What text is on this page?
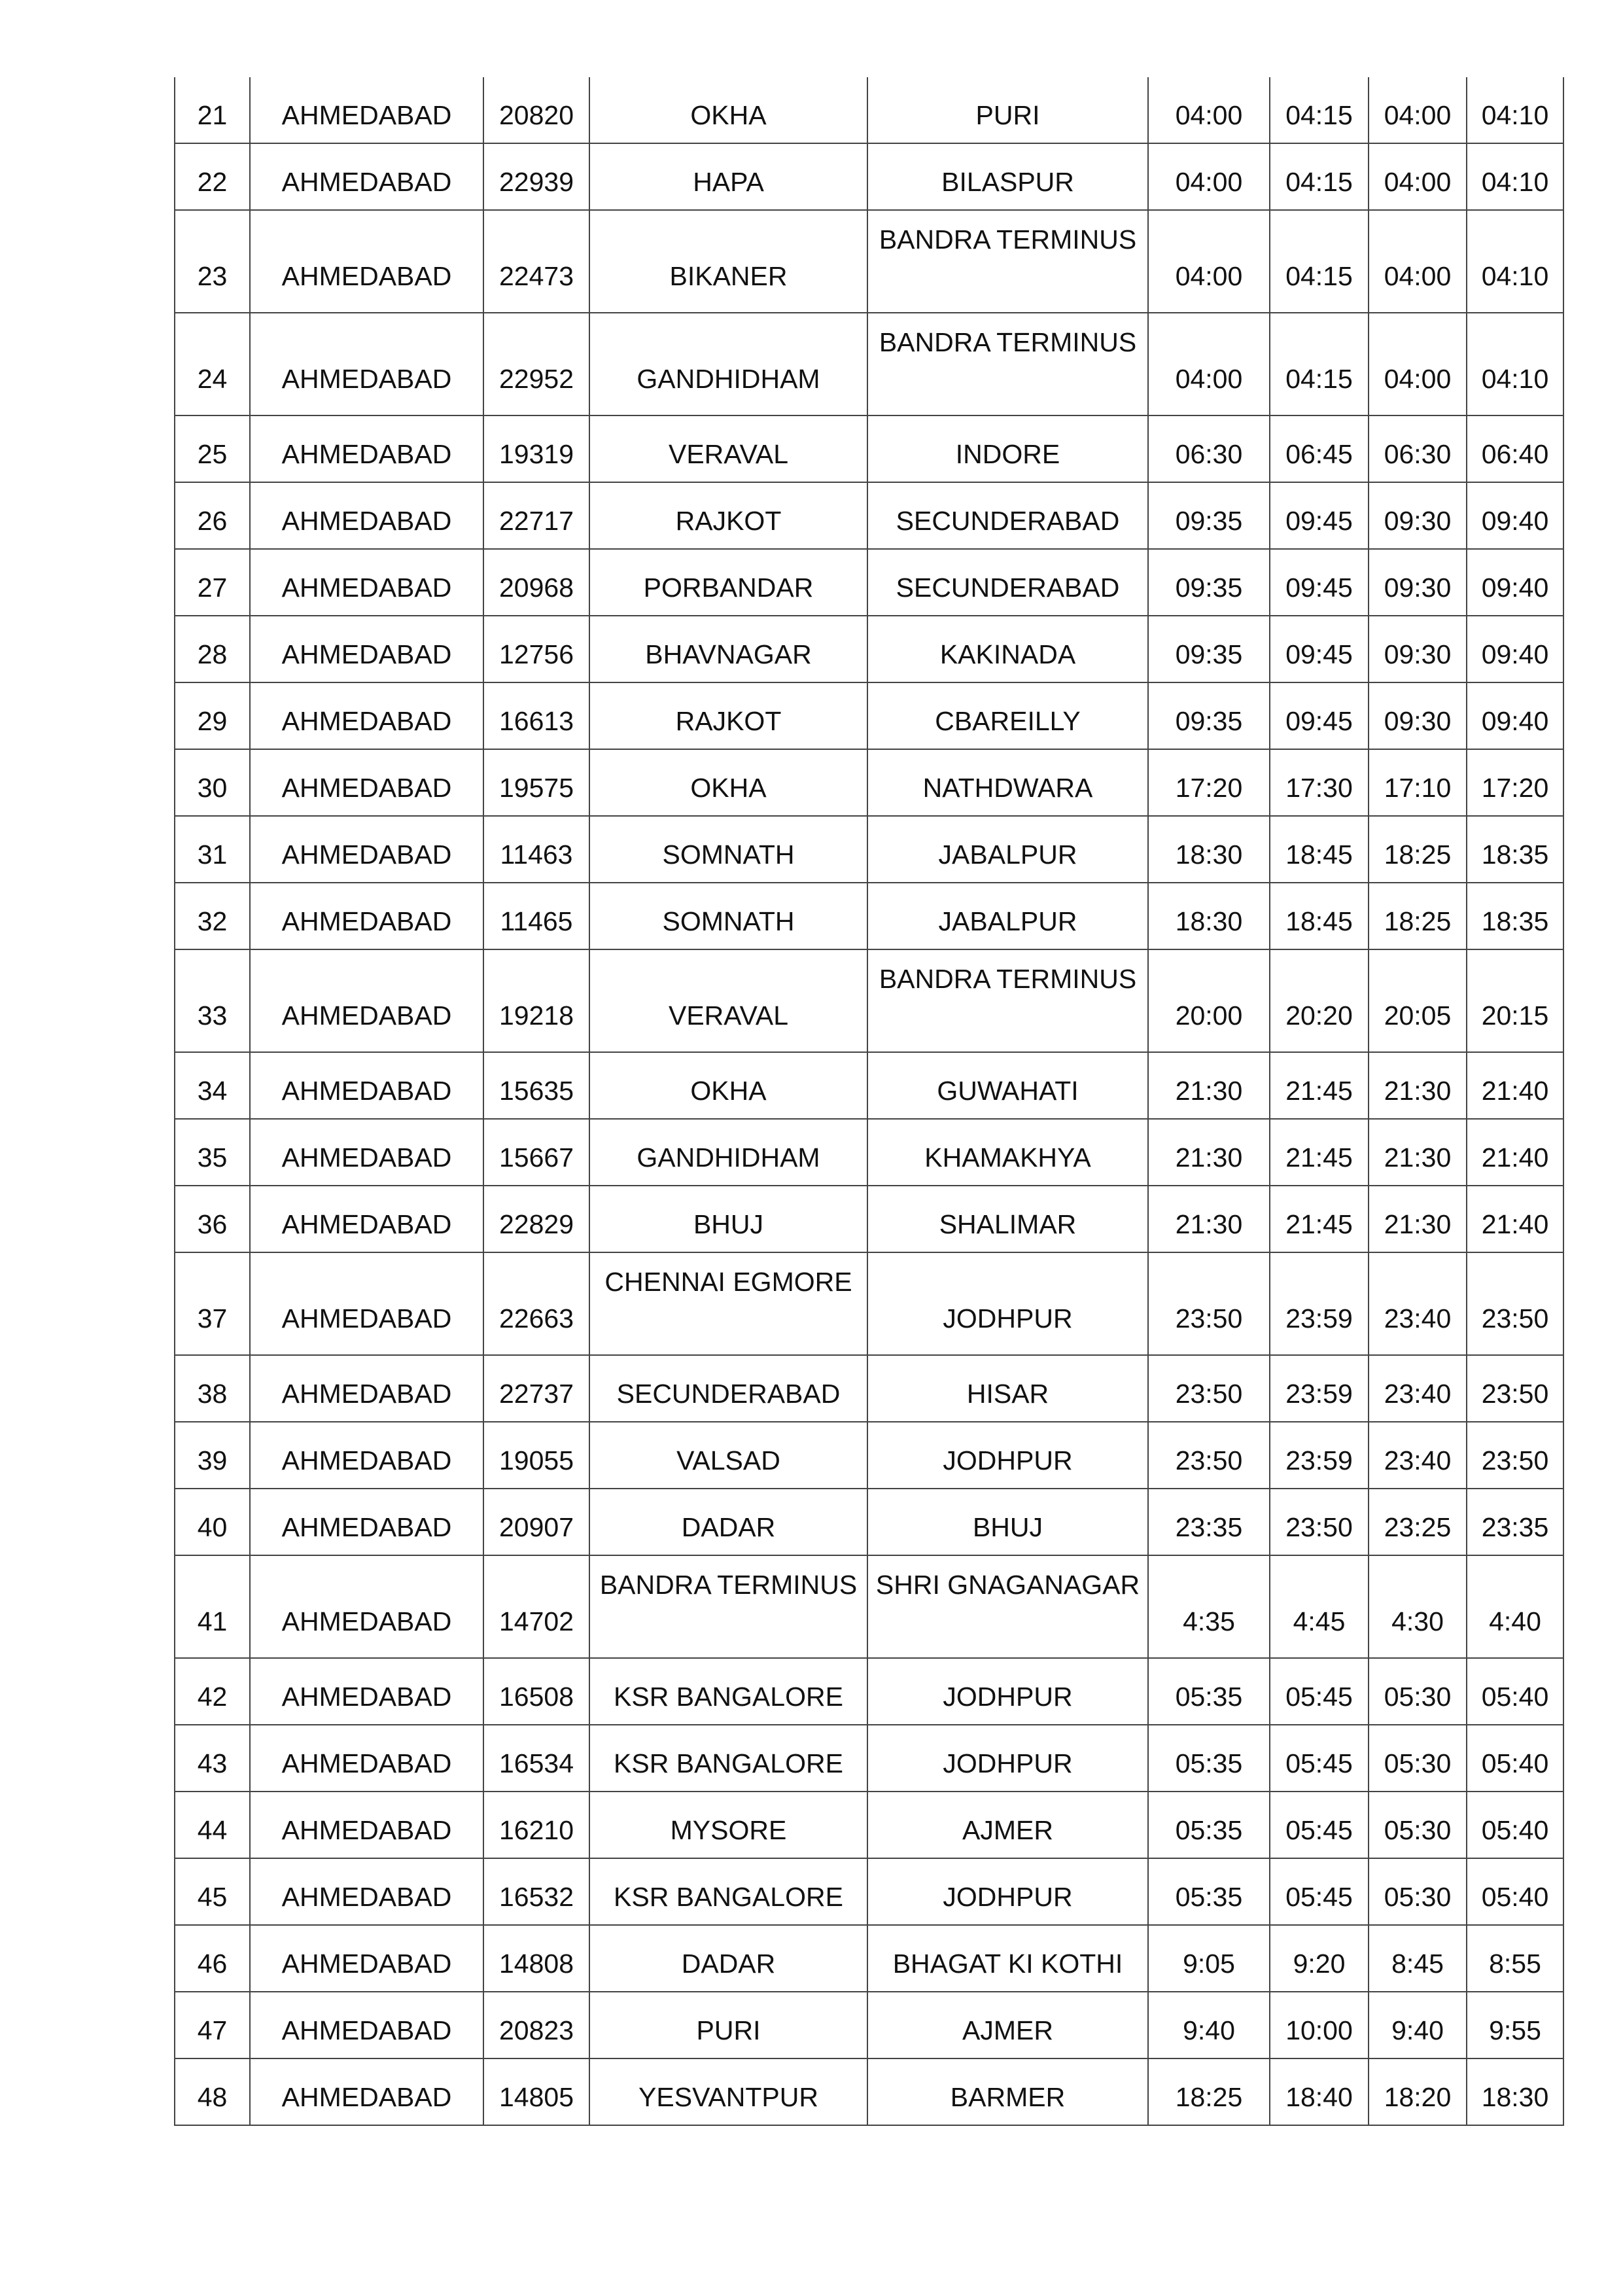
21	AHMEDABAD	20820	OKHA	PURI	04:00	04:15	04:00	04:10

22	AHMEDABAD	22939	HAPA	BILASPUR	04:00	04:15	04:00	04:10

23	AHMEDABAD	22473	BIKANER	BANDRA TERMINUS	04:00	04:15	04:00	04:10

24	AHMEDABAD	22952	GANDHIDHAM	BANDRA TERMINUS	04:00	04:15	04:00	04:10

25	AHMEDABAD	19319	VERAVAL	INDORE	06:30	06:45	06:30	06:40

26	AHMEDABAD	22717	RAJKOT	SECUNDERABAD	09:35	09:45	09:30	09:40

27	AHMEDABAD	20968	PORBANDAR	SECUNDERABAD	09:35	09:45	09:30	09:40

28	AHMEDABAD	12756	BHAVNAGAR	KAKINADA	09:35	09:45	09:30	09:40

29	AHMEDABAD	16613	RAJKOT	CBAREILLY	09:35	09:45	09:30	09:40

30	AHMEDABAD	19575	OKHA	NATHDWARA	17:20	17:30	17:10	17:20

31	AHMEDABAD	11463	SOMNATH	JABALPUR	18:30	18:45	18:25	18:35

32	AHMEDABAD	11465	SOMNATH	JABALPUR	18:30	18:45	18:25	18:35

33	AHMEDABAD	19218	VERAVAL	BANDRA TERMINUS	20:00	20:20	20:05	20:15

34	AHMEDABAD	15635	OKHA	GUWAHATI	21:30	21:45	21:30	21:40

35	AHMEDABAD	15667	GANDHIDHAM	KHAMAKHYA	21:30	21:45	21:30	21:40

36	AHMEDABAD	22829	BHUJ	SHALIMAR	21:30	21:45	21:30	21:40

37	AHMEDABAD	22663	CHENNAI EGMORE	JODHPUR	23:50	23:59	23:40	23:50

38	AHMEDABAD	22737	SECUNDERABAD	HISAR	23:50	23:59	23:40	23:50

39	AHMEDABAD	19055	VALSAD	JODHPUR	23:50	23:59	23:40	23:50

40	AHMEDABAD	20907	DADAR	BHUJ	23:35	23:50	23:25	23:35

41	AHMEDABAD	14702	BANDRA TERMINUS	SHRI GNAGANAGAR	4:35	4:45	4:30	4:40

42	AHMEDABAD	16508	KSR BANGALORE	JODHPUR	05:35	05:45	05:30	05:40

43	AHMEDABAD	16534	KSR BANGALORE	JODHPUR	05:35	05:45	05:30	05:40

44	AHMEDABAD	16210	MYSORE	AJMER	05:35	05:45	05:30	05:40

45	AHMEDABAD	16532	KSR BANGALORE	JODHPUR	05:35	05:45	05:30	05:40

46	AHMEDABAD	14808	DADAR	BHAGAT KI KOTHI	9:05	9:20	8:45	8:55

47	AHMEDABAD	20823	PURI	AJMER	9:40	10:00	9:40	9:55

48	AHMEDABAD	14805	YESVANTPUR	BARMER	18:25	18:40	18:20	18:30
